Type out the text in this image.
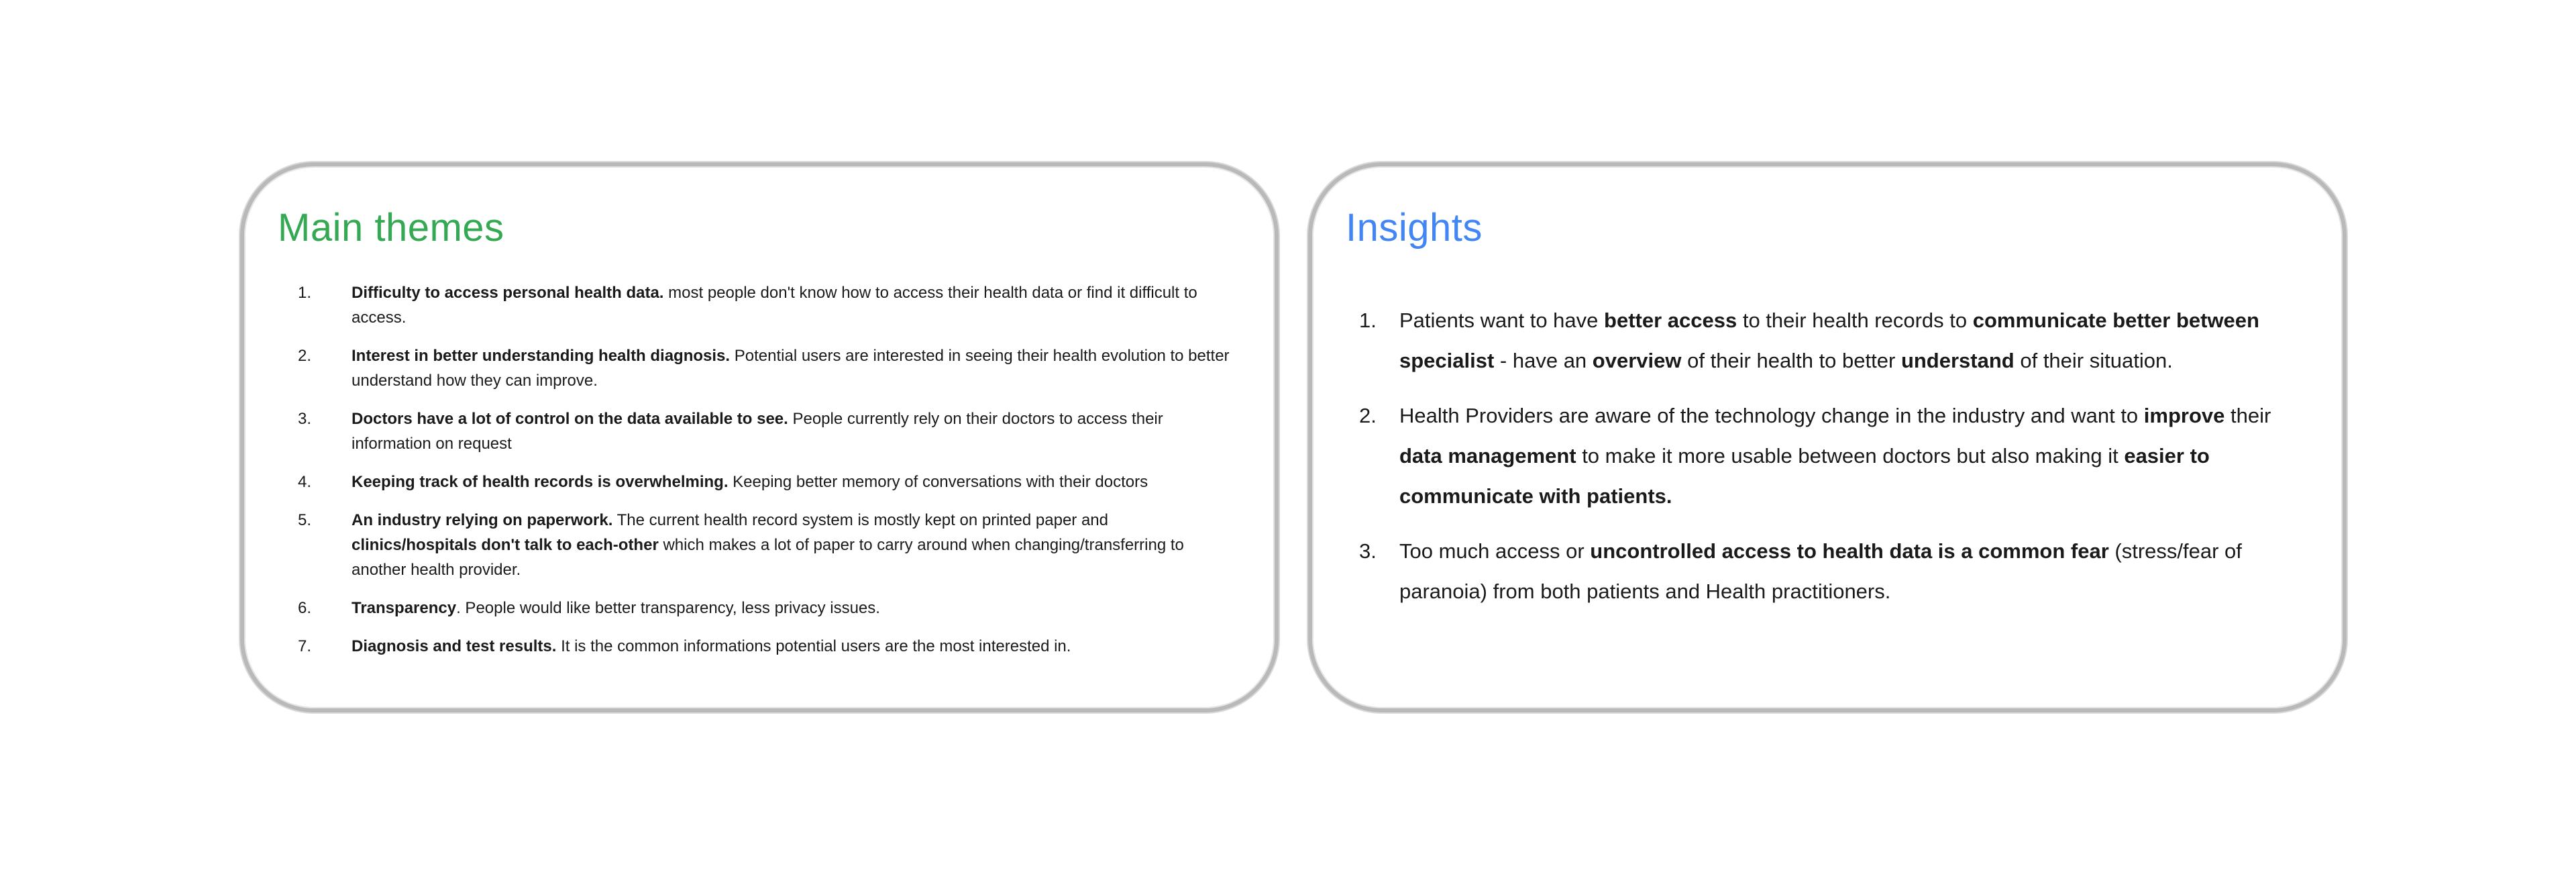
Main themes
1. Difficulty to access personal health data. most people don't know how to access their health data or find it difficult to access.
2. Interest in better understanding health diagnosis. Potential users are interested in seeing their health evolution to better understand how they can improve.
3. Doctors have a lot of control on the data available to see. People currently rely on their doctors to access their information on request
4. Keeping track of health records is overwhelming. Keeping better memory of conversations with their doctors
5. An industry relying on paperwork. The current health record system is mostly kept on printed paper and clinics/hospitals don't talk to each-other which makes a lot of paper to carry around when changing/transferring to another health provider.
6. Transparency. People would like better transparency, less privacy issues.
7. Diagnosis and test results. It is the common informations potential users are the most interested in.
Insights
1. Patients want to have better access to their health records to communicate better between specialist - have an overview of their health to better understand of their situation.
2. Health Providers are aware of the technology change in the industry and want to improve their data management to make it more usable between doctors but also making it easier to communicate with patients.
3. Too much access or uncontrolled access to health data is a common fear (stress/fear of paranoia) from both patients and Health practitioners.
